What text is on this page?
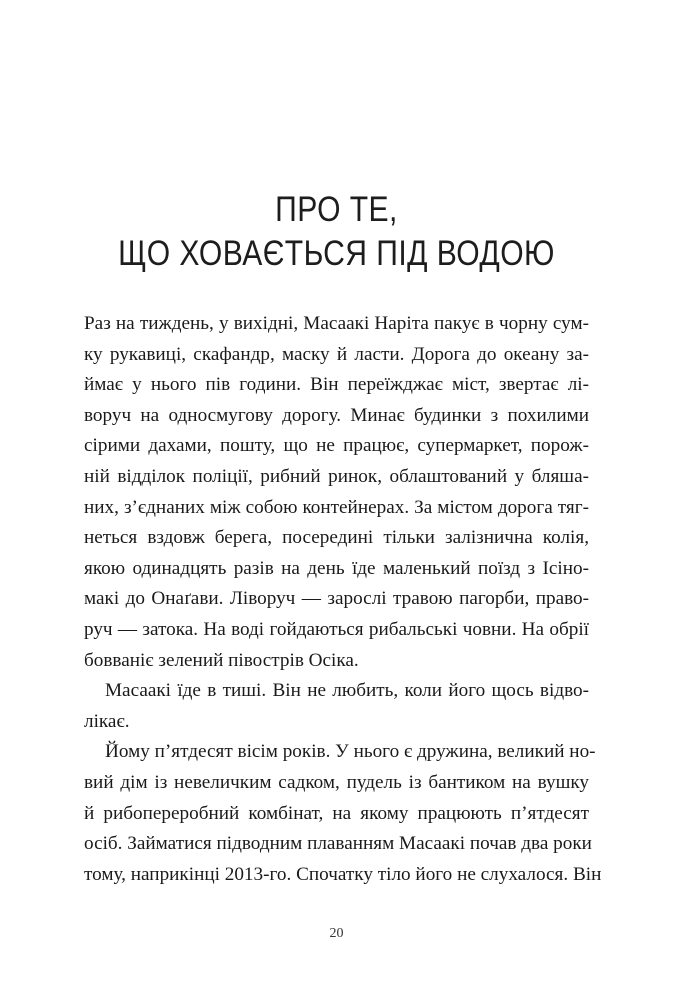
ПРО ТЕ,
ЩО ХОВАЄТЬСЯ ПІД ВОДОЮ
Раз на тиждень, у вихідні, Масаакі Наріта пакує в чорну сум-
ку рукавиці, скафандр, маску й ласти. Дорога до океану за-
ймає у нього пів години. Він переїжджає міст, звертає лі-
воруч на односмугову дорогу. Минає будинки з похилими
сірими дахами, пошту, що не працює, супермаркет, порож-
ній відділок поліції, рибний ринок, облаштований у бляша-
них, з’єднаних між собою контейнерах. За містом дорога тяг-
неться вздовж берега, посередині тільки залізнична колія,
якою одинадцять разів на день їде маленький поїзд з Ісіно-
макі до Онаґави. Ліворуч — зарослі травою пагорби, право-
руч — затока. На воді гойдаються рибальські човни. На обрії
бовваніє зелений півострів Осіка.
Масаакі їде в тиші. Він не любить, коли його щось відво-
лікає.
Йому п’ятдесят вісім років. У нього є дружина, великий но-
вий дім із невеличким садком, пудель із бантиком на вушку
й рибопереробний комбінат, на якому працюють п’ятдесят
осіб. Займатися підводним плаванням Масаакі почав два роки
тому, наприкінці 2013-го. Спочатку тіло його не слухалося. Він
20
